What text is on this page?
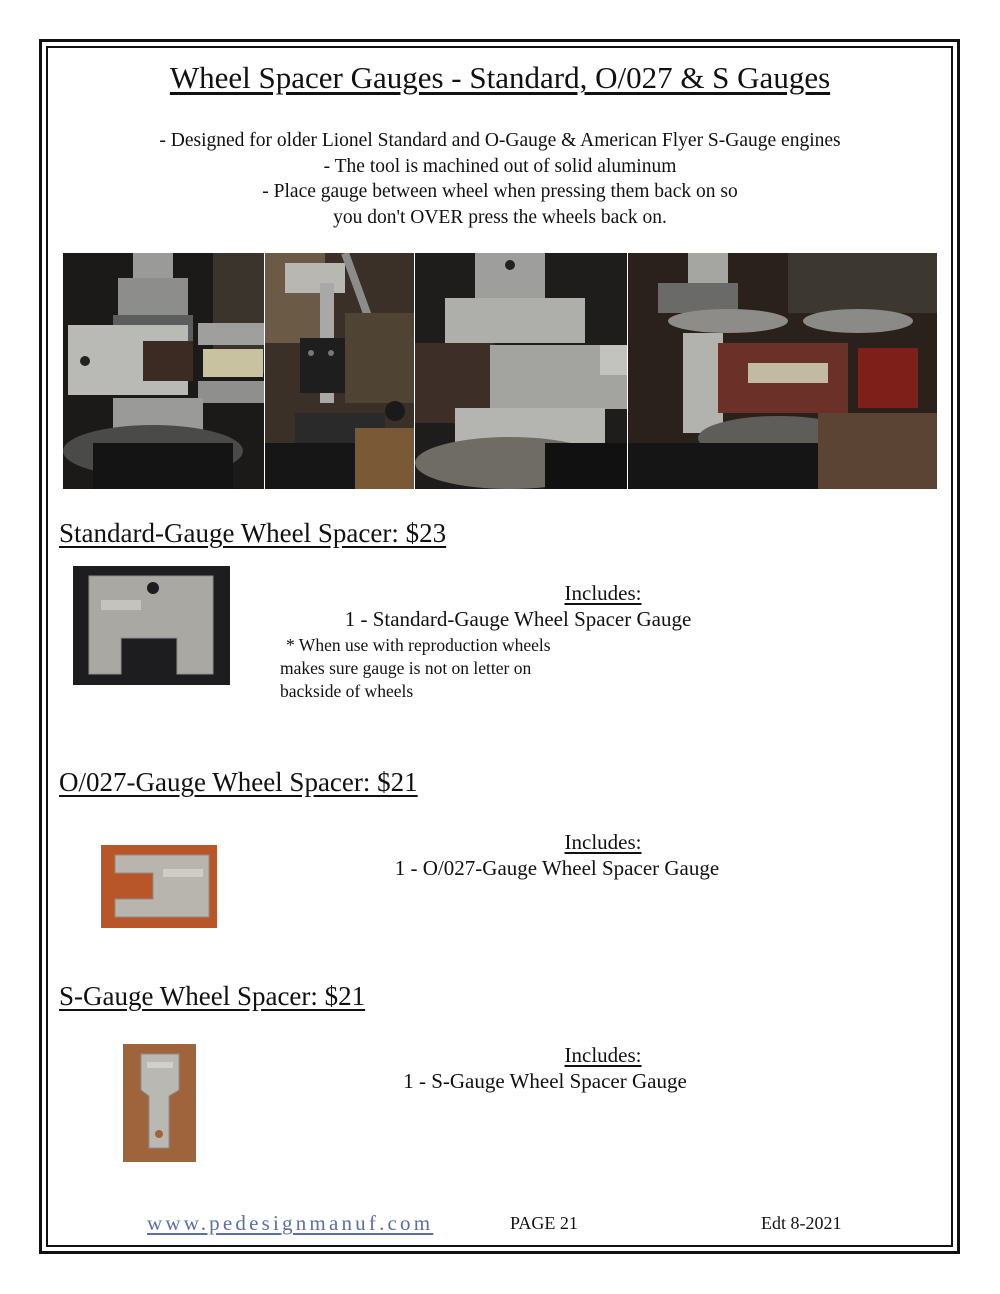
Wheel Spacer Gauges - Standard, O/027 & S Gauges
- Designed for older Lionel Standard and O-Gauge & American Flyer S-Gauge engines
- The tool is machined out of solid aluminum
- Place gauge between wheel when pressing them back on so
you don't OVER press the wheels back on.
Standard-Gauge Wheel Spacer: $23
Includes:
1 - Standard-Gauge Wheel Spacer Gauge
* When use with reproduction wheels
makes sure gauge is not on letter on
backside of wheels
O/027-Gauge Wheel Spacer: $21
Includes:
1 - O/027-Gauge Wheel Spacer Gauge
S-Gauge Wheel Spacer: $21
Includes:
1 - S-Gauge Wheel Spacer Gauge
www.pedesignmanuf.com	PAGE 21	Edt 8-2021
